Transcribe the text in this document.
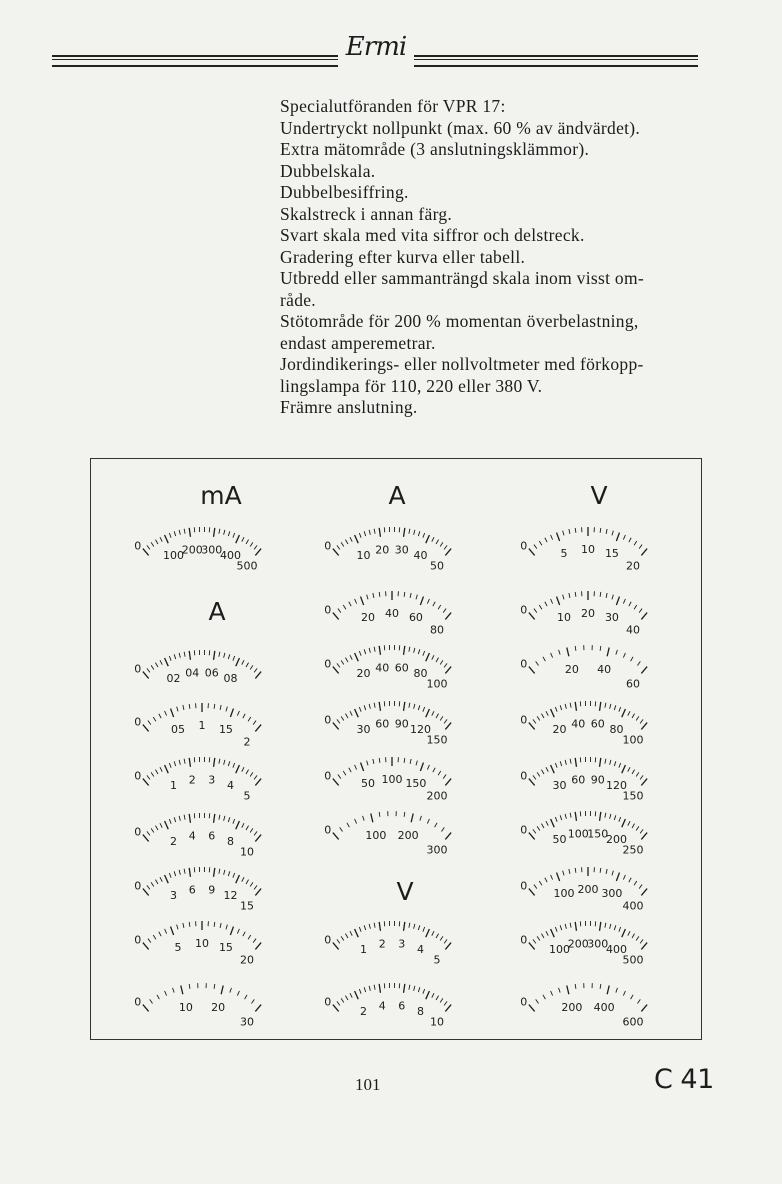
Ermi
Specialutföranden för VPR 17:
Undertryckt nollpunkt (max. 60 % av ändvärdet).
Extra mätområde (3 anslutningsklämmor).
Dubbelskala.
Dubbelbesiffring.
Skalstreck i annan färg.
Svart skala med vita siffror och delstreck.
Gradering efter kurva eller tabell.
Utbredd eller sammanträngd skala inom visst om-
råde.
Stötområde för 200 % momentan överbelastning,
endast amperemetrar.
Jordindikerings- eller nollvoltmeter med förkopp-
lingslampa för 110, 220 eller 380 V.
Främre anslutning.
mA
A
A
V
V
0
100
200
300
400
500
0
02 04 06 08
0
05 1 15
2
0
1 2 3 4
5
0
2 4 6 8
10
0
3 6 9 12
15
0
5 10 15
20
0	10 20
30
0
10 20 30 40
50
0
20 40 60
80
0
20 40 60 80
100
0
30 60 90 120
150
0
50 100 150
200
0	100 200
300
0
1 2 3 4
5
0
2 4 6 8
10
0
5 10 15
20
0
10 20 30
40
0	20 40
60
0
20 40 60 80
100
0
30 60 90 120
150
0
50 100
150
200
250
0
100 200 300
400
0
100
200
300
400
500
0	200 400
600
101	C 41
